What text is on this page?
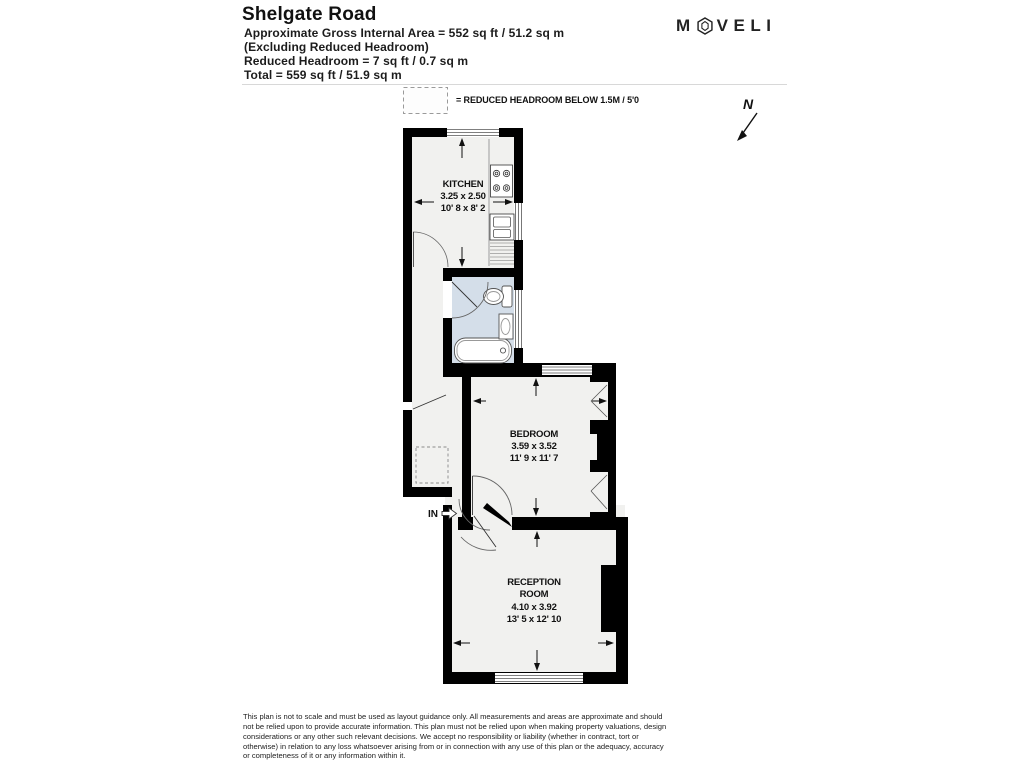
Shelgate Road
Approximate Gross Internal Area = 552 sq ft / 51.2 sq m
(Excluding Reduced Headroom)
Reduced Headroom = 7 sq ft / 0.7 sq m
Total = 559 sq ft / 51.9 sq m
M VELI
= REDUCED HEADROOM BELOW 1.5M / 5'0	N
IN
KITCHEN
3.25 x 2.50
10' 8 x 8' 2
BEDROOM
3.59 x 3.52
11' 9 x 11' 7
RECEPTION
ROOM
4.10 x 3.92
13' 5 x 12' 10
This plan is not to scale and must be used as layout guidance only. All measurements and areas are approximate and should not be relied upon to provide accurate information. This plan must not be relied upon when making property valuations, design considerations or any other such relevant decisions. We accept no responsibility or liability (whether in contract, tort or otherwise) in relation to any loss whatsoever arising from or in connection with any use of this plan or the adequacy, accuracy or completeness of it or any information within it.
